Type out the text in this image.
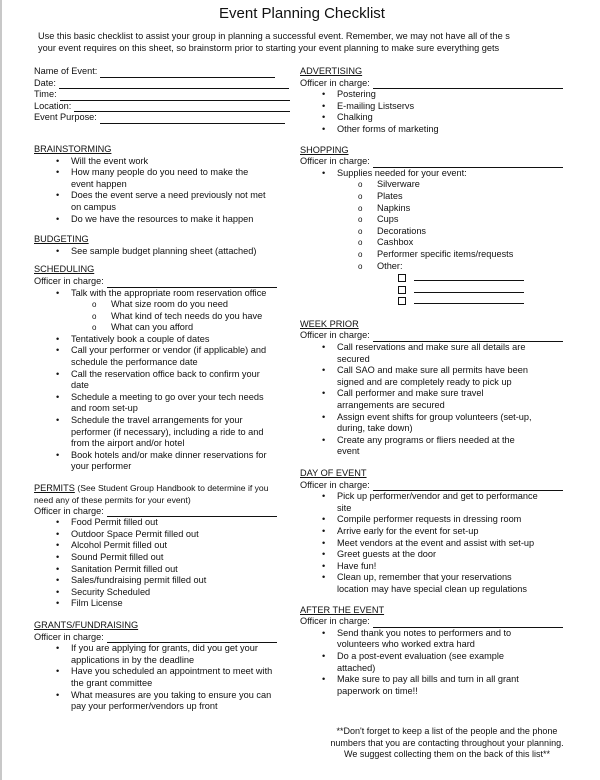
Event Planning Checklist
Use this basic checklist to assist your group in planning a successful event. Remember, we may not have all of the s
your event requires on this sheet, so brainstorm prior to starting your event planning to make sure everything gets
Name of Event:
Date:
Time:
Location:
Event Purpose:
BRAINSTORMING
• Will the event work
• How many people do you need to make the
event happen
• Does the event serve a need previously not met
on campus
• Do we have the resources to make it happen
BUDGETING
• See sample budget planning sheet (attached)
SCHEDULING
Officer in charge:
• Talk with the appropriate room reservation office
o What size room do you need
o What kind of tech needs do you have
o What can you afford
• Tentatively book a couple of dates
• Call your performer or vendor (if applicable) and
schedule the performance date
• Call the reservation office back to confirm your
date
• Schedule a meeting to go over your tech needs
and room set-up
• Schedule the travel arrangements for your
performer (if necessary), including a ride to and
from the airport and/or hotel
• Book hotels and/or make dinner reservations for
your performer
PERMITS (See Student Group Handbook to determine if you
need any of these permits for your event)
Officer in charge:
• Food Permit filled out
• Outdoor Space Permit filled out
• Alcohol Permit filled out
• Sound Permit filled out
• Sanitation Permit filled out
• Sales/fundraising permit filled out
• Security Scheduled
• Film License
GRANTS/FUNDRAISING
Officer in charge:
• If you are applying for grants, did you get your
applications in by the deadline
• Have you scheduled an appointment to meet with
the grant committee
• What measures are you taking to ensure you can
pay your performer/vendors up front
ADVERTISING
Officer in charge:
• Postering
• E-mailing Listservs
• Chalking
• Other forms of marketing
SHOPPING
Officer in charge:
• Supplies needed for your event:
o Silverware
o Plates
o Napkins
o Cups
o Decorations
o Cashbox
o Performer specific items/requests
o Other:
WEEK PRIOR
Officer in charge:
• Call reservations and make sure all details are
secured
• Call SAO and make sure all permits have been
signed and are completely ready to pick up
• Call performer and make sure travel
arrangements are secured
• Assign event shifts for group volunteers (set-up,
during, take down)
• Create any programs or fliers needed at the
event
DAY OF EVENT
Officer in charge:
• Pick up performer/vendor and get to performance
site
• Compile performer requests in dressing room
• Arrive early for the event for set-up
• Meet vendors at the event and assist with set-up
• Greet guests at the door
• Have fun!
• Clean up, remember that your reservations
location may have special clean up regulations
AFTER THE EVENT
Officer in charge:
• Send thank you notes to performers and to
volunteers who worked extra hard
• Do a post-event evaluation (see example
attached)
• Make sure to pay all bills and turn in all grant
paperwork on time!!
**Don't forget to keep a list of the people and the phone
numbers that you are contacting throughout your planning.
We suggest collecting them on the back of this list**
